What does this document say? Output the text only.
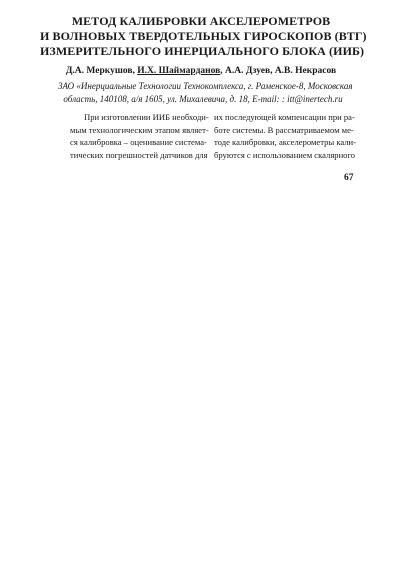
МЕТОД КАЛИБРОВКИ АКСЕЛЕРОМЕТРОВ
И ВОЛНОВЫХ ТВЕРДОТЕЛЬНЫХ ГИРОСКОПОВ (ВТГ)
ИЗМЕРИТЕЛЬНОГО ИНЕРЦИАЛЬНОГО БЛОКА (ИИБ)
Д.А. Меркушов, И.Х. Шаймарданов, А.А. Дзуев, А.В. Некрасов
ЗАО «Инерциальные Технологии Технокомплекса, г. Раменское-8, Московская
область, 140108, а/я 1605, ул. Михалевича, д. 18, E-mail: : itt@inertech.ru
При изготовлении ИИБ необходи-
мым технологическим этапом являет-
ся калибровка – оценивание система-
тических погрешностей датчиков для
их последующей компенсации при ра-
боте системы. В рассматриваемом ме-
тоде калибровки, акселерометры кали-
бруются с использованием скалярного
67
